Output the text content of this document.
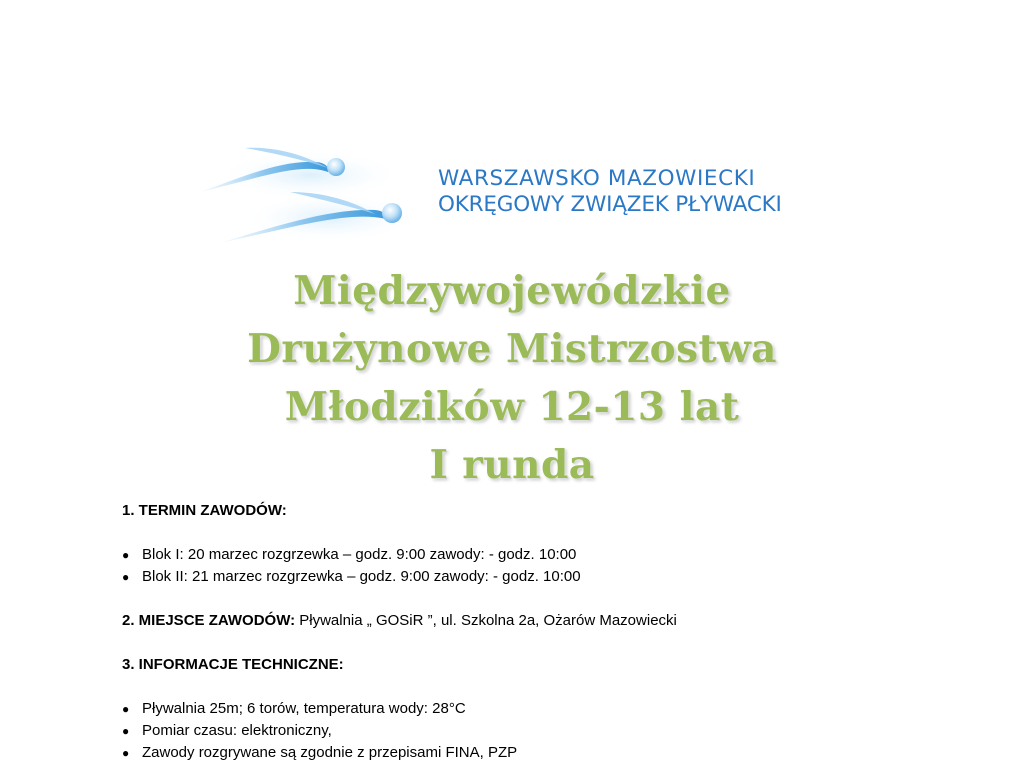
WARSZAWSKO MAZOWIECKI
OKRĘGOWY ZWIĄZEK PŁYWACKI
Międzywojewódzkie
Drużynowe Mistrzostwa
Młodzików 12-13 lat
I runda
1. TERMIN ZAWODÓW:
● Blok I: 20 marzec rozgrzewka – godz. 9:00 zawody: - godz. 10:00
● Blok II: 21 marzec rozgrzewka – godz. 9:00 zawody: - godz. 10:00
2. MIEJSCE ZAWODÓW: Pływalnia „ GOSiR ”, ul. Szkolna 2a, Ożarów Mazowiecki
3. INFORMACJE TECHNICZNE:
● Pływalnia 25m; 6 torów, temperatura wody: 28°C
● Pomiar czasu: elektroniczny,
● Zawody rozgrywane są zgodnie z przepisami FINA, PZP
